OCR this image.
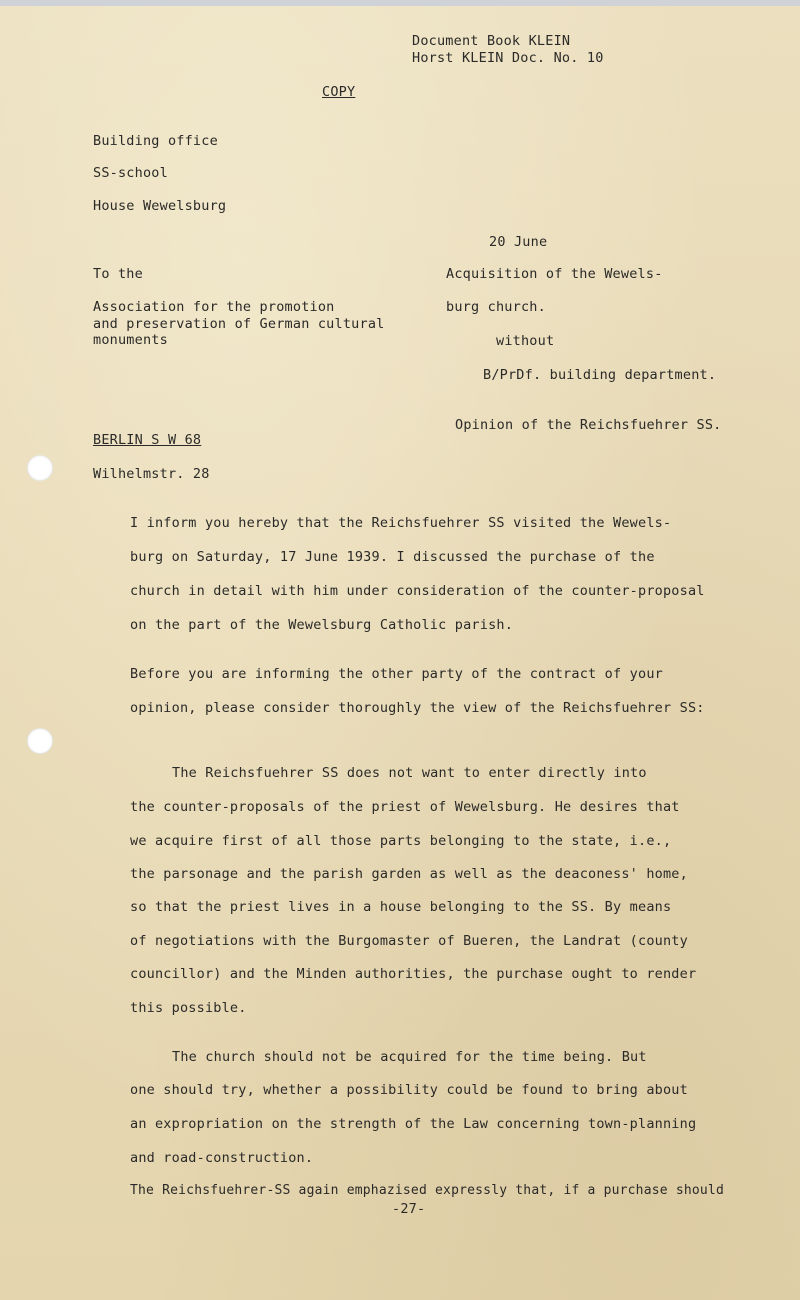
Document Book KLEIN
Horst KLEIN Doc. No. 10
COPY
Building office
SS-school
House Wewelsburg
20 June
Acquisition of the Wewels-
burg church.
without
B/PrDf. building department.
Opinion of the Reichsfuehrer SS.
To the
Association for the promotion
and preservation of German cultural
monuments
BERLIN S W 68
Wilhelmstr. 28
I inform you hereby that the Reichsfuehrer SS visited the Wewels-
burg on Saturday, 17 June 1939. I discussed the purchase of the
church in detail with him under consideration of the counter-proposal
on the part of the Wewelsburg Catholic parish.
Before you are informing the other party of the contract of your
opinion, please consider thoroughly the view of the Reichsfuehrer SS:
The Reichsfuehrer SS does not want to enter directly into
the counter-proposals of the priest of Wewelsburg. He desires that
we acquire first of all those parts belonging to the state, i.e.,
the parsonage and the parish garden as well as the deaconess' home,
so that the priest lives in a house belonging to the SS. By means
of negotiations with the Burgomaster of Bueren, the Landrat (county
councillor) and the Minden authorities, the purchase ought to render
this possible.
The church should not be acquired for the time being. But
one should try, whether a possibility could be found to bring about
an expropriation on the strength of the Law concerning town-planning
and road-construction.
The Reichsfuehrer-SS again emphazised expressly that, if a purchase should
-27-
